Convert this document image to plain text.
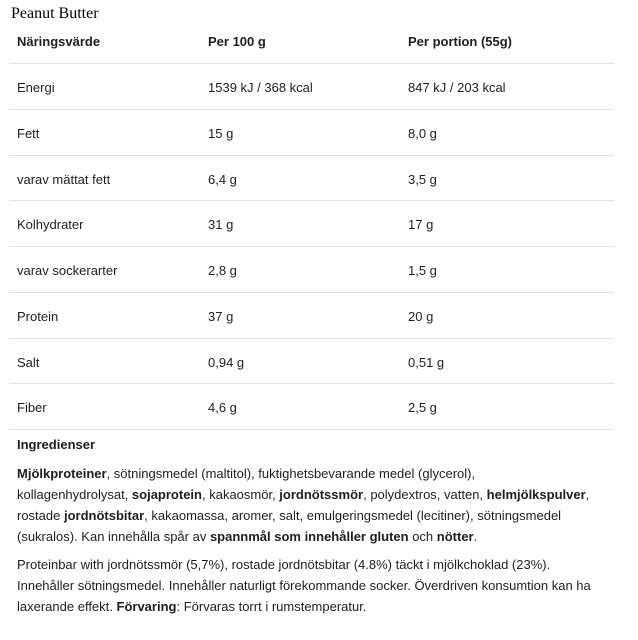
Peanut Butter
Näringsvärde	Per 100 g	Per portion (55g)
Energi	1539 kJ / 368 kcal	847 kJ / 203 kcal
Fett	15 g	8,0 g
varav mättat fett	6,4 g	3,5 g
Kolhydrater	31 g	17 g
varav sockerarter	2,8 g	1,5 g
Protein	37 g	20 g
Salt	0,94 g	0,51 g
Fiber	4,6 g	2,5 g
Ingredienser
Mjölkproteiner, sötningsmedel (maltitol), fuktighetsbevarande medel (glycerol),
kollagenhydrolysat, sojaprotein, kakaosmör, jordnötssmör, polydextros, vatten, helmjölkspulver,
rostade jordnötsbitar, kakaomassa, aromer, salt, emulgeringsmedel (lecitiner), sötningsmedel
(sukralos). Kan innehålla spår av spannmål som innehåller gluten och nötter.
Proteinbar with jordnötssmör (5,7%), rostade jordnötsbitar (4.8%) täckt i mjölkchoklad (23%).
Innehåller sötningsmedel. Innehåller naturligt förekommande socker. Överdriven konsumtion kan ha
laxerande effekt. Förvaring: Förvaras torrt i rumstemperatur.
